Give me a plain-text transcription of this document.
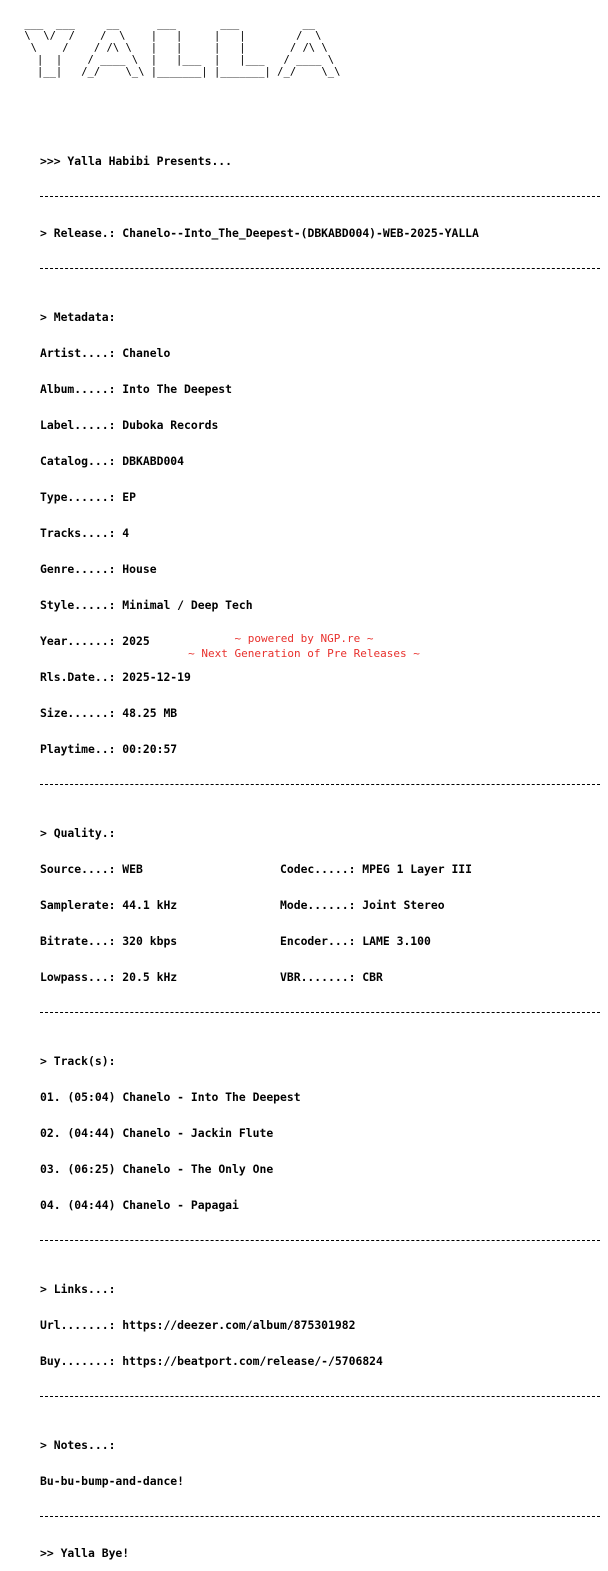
___  ___     __      ___       ___          __
\  \/  /    /  \    |   |     |   |        /  \
\    /    / /\ \   |   |     |   |       / /\ \
|  |    / ____ \  |   |___  |   |___   / ____ \
|__|   /_/    \_\ |_______| |_______| /_/    \_\

>>> Yalla Habibi Presents...

> Release.: Chanelo--Into_The_Deepest-(DBKABD004)-WEB-2025-YALLA

> Metadata:

Artist....: Chanelo

Album.....: Into The Deepest

Label.....: Duboka Records

Catalog...: DBKABD004

Type......: EP

Tracks....: 4

Genre.....: House

Style.....: Minimal / Deep Tech

Year......: 2025

Rls.Date..: 2025-12-19

Size......: 48.25 MB

Playtime..: 00:20:57

> Quality.:

Source....: WEB	Codec.....: MPEG 1 Layer III

Samplerate: 44.1 kHz	Mode......: Joint Stereo

Bitrate...: 320 kbps	Encoder...: LAME 3.100

Lowpass...: 20.5 kHz	VBR.......: CBR

> Track(s):

01. (05:04) Chanelo - Into The Deepest

02. (04:44) Chanelo - Jackin Flute

03. (06:25) Chanelo - The Only One

04. (04:44) Chanelo - Papagai

> Links...:

Url.......: https://deezer.com/album/875301982

Buy.......: https://beatport.com/release/-/5706824

> Notes...:

Bu-bu-bump-and-dance!

>> Yalla Bye!

~ powered by NGP.re ~
~ Next Generation of Pre Releases ~
